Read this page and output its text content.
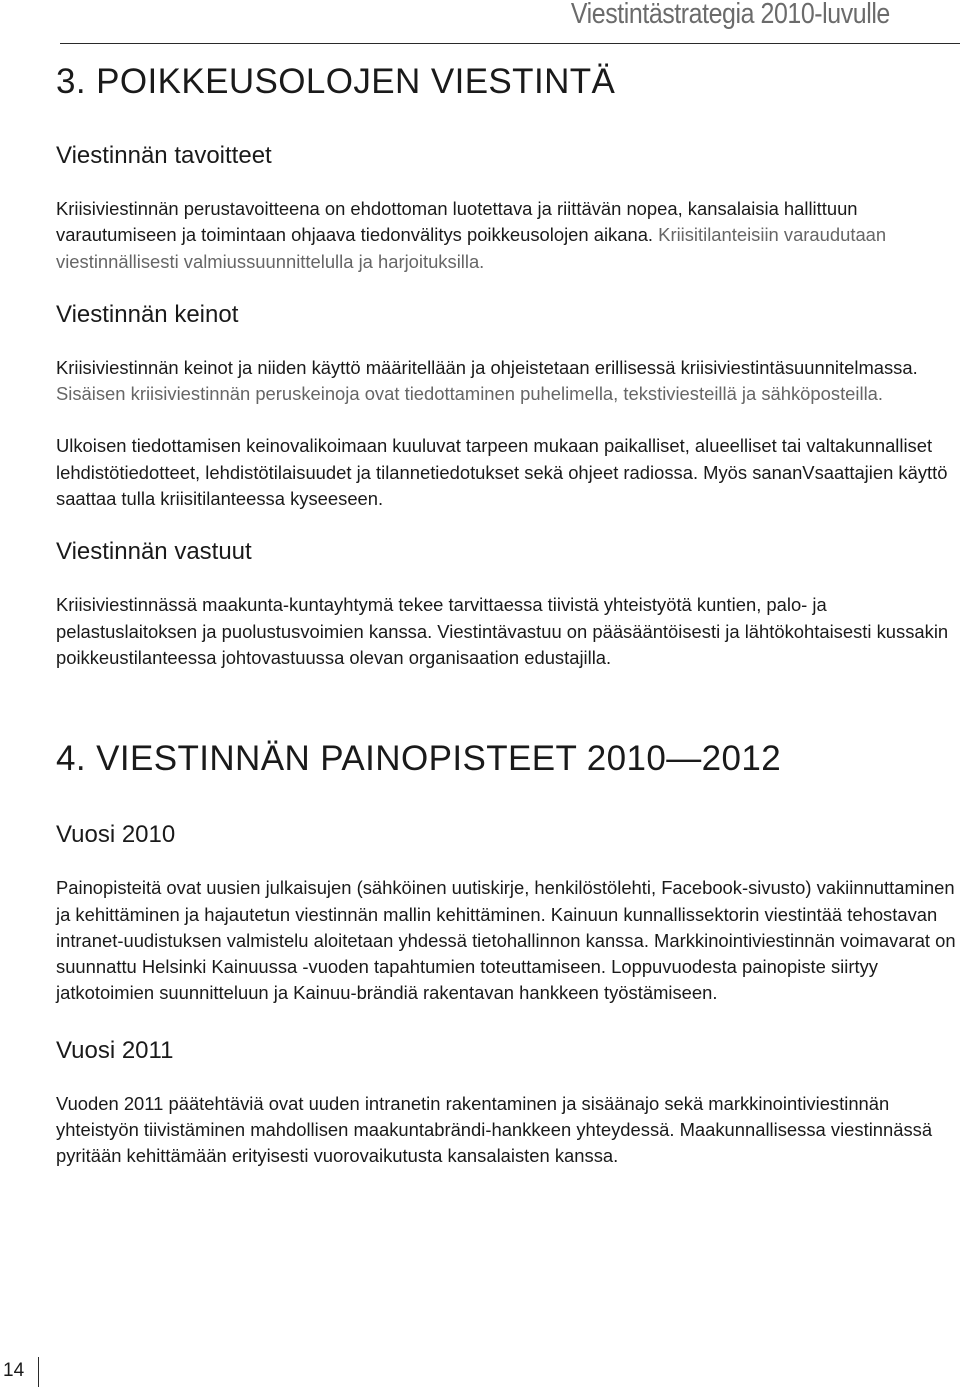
Viestintästrategia 2010-luvulle
3. POIKKEUSOLOJEN VIESTINTÄ
Viestinnän tavoitteet

Kriisiviestinnän perustavoitteena on ehdottoman luotettava ja riittävän nopea, kansalaisia hallittuun varautumiseen ja toimintaan ohjaava tiedonvälitys poikkeusolojen aikana. Kriisitilanteisiin varaudutaan viestinnällisesti valmiussuunnittelulla ja harjoituksilla.

Viestinnän keinot

Kriisiviestinnän keinot ja niiden käyttö määritellään ja ohjeistetaan erillisessä kriisiviestintäsuunnitelmassa. Sisäisen kriisiviestinnän peruskeinoja ovat tiedottaminen puhelimella, tekstiviesteillä ja sähköposteilla.

Ulkoisen tiedottamisen keinovalikoimaan kuuluvat tarpeen mukaan paikalliset, alueelliset tai valtakunnalliset lehdistötiedotteet, lehdistötilaisuudet ja tilannetiedotukset sekä ohjeet radiossa. Myös sananVsaattajien käyttö saattaa tulla kriisitilanteessa kyseeseen.

Viestinnän vastuut

Kriisiviestinnässä maakunta-kuntayhtymä tekee tarvittaessa tiivistä yhteistyötä kuntien, palo- ja pelastuslaitoksen ja puolustusvoimien kanssa. Viestintävastuu on pääsääntöisesti ja lähtökohtaisesti kussakin poikkeustilanteessa johtovastuussa olevan organisaation edustajilla.

4. VIESTINNÄN PAINOPISTEET 2010—2012
Vuosi 2010

Painopisteitä ovat uusien julkaisujen (sähköinen uutiskirje, henkilöstölehti, Facebook-sivusto) vakiinnuttaminen ja kehittäminen ja hajautetun viestinnän mallin kehittäminen. Kainuun kunnallissektorin viestintää tehostavan intranet-uudistuksen valmistelu aloitetaan yhdessä tietohallinnon kanssa. Markkinointiviestinnän voimavarat on suunnattu Helsinki Kainuussa -vuoden tapahtumien toteuttamiseen. Loppuvuodesta painopiste siirtyy jatkotoimien suunnitteluun ja Kainuu-brändiä rakentavan hankkeen työstämiseen.

Vuosi 2011

Vuoden 2011 päätehtäviä ovat uuden intranetin rakentaminen ja sisäänajo sekä markkinointiviestinnän yhteistyön tiivistäminen mahdollisen maakuntabrändi-hankkeen yhteydessä. Maakunnallisessa viestinnässä pyritään kehittämään erityisesti vuorovaikutusta kansalaisten kanssa.

14
